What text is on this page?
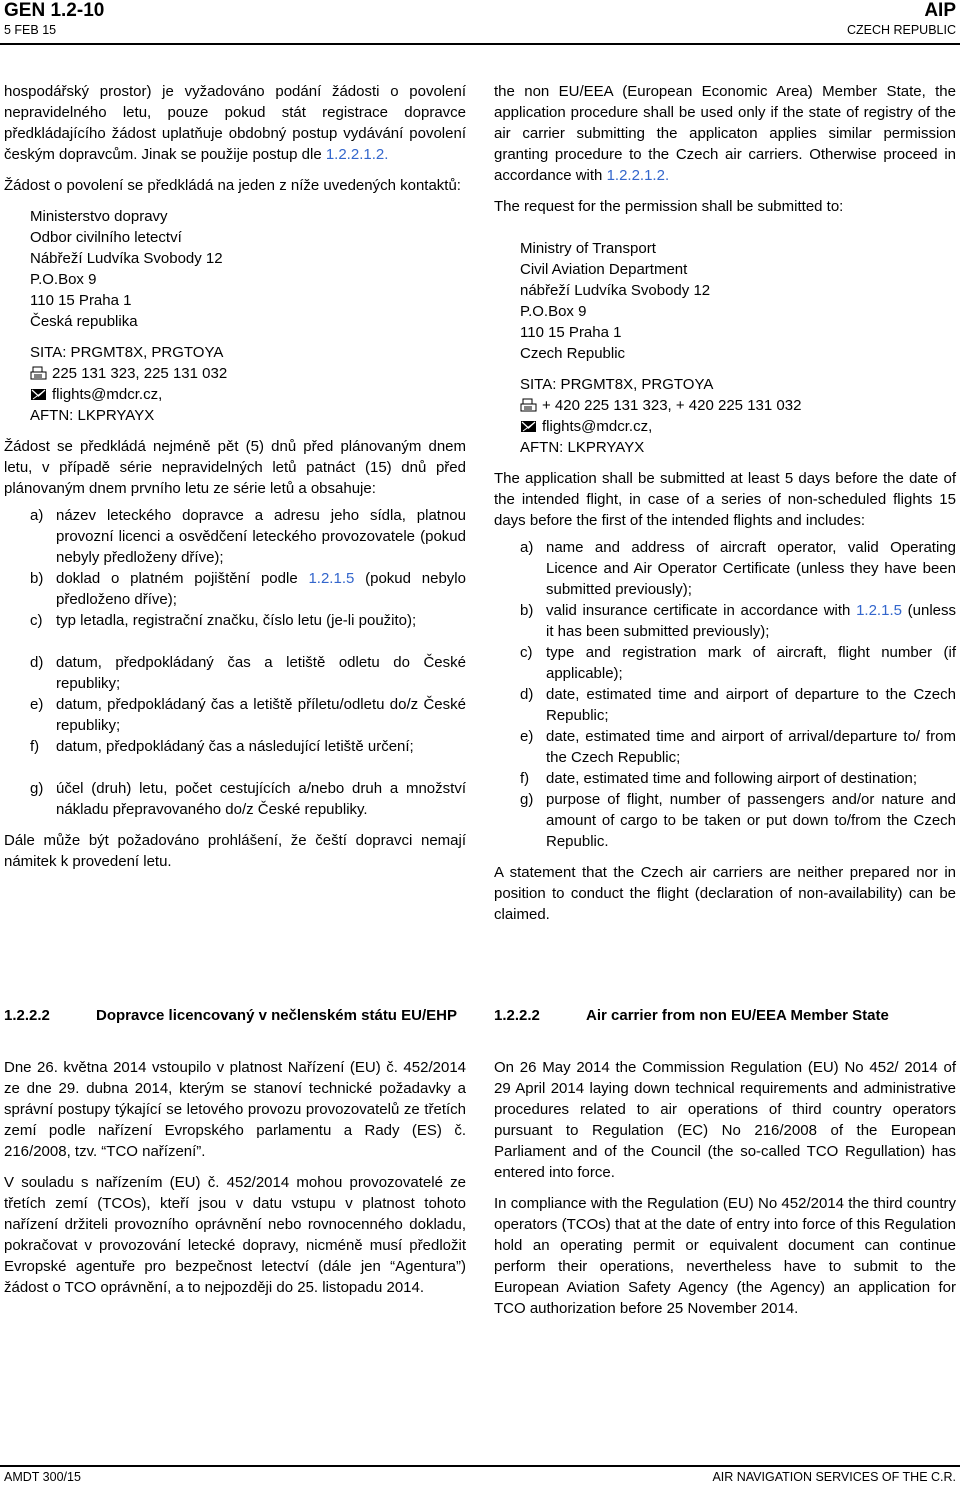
GEN 1.2-10
5 FEB 15
AIP
CZECH REPUBLIC

hospodářský prostor) je vyžadováno podání žádosti o povolení nepravidelného letu, pouze pokud stát registrace dopravce předkládajícího žádost uplatňuje obdobný postup vydávání povolení českým dopravcům. Jinak se použije postup dle 1.2.2.1.2.

Žádost o povolení se předkládá na jeden z níže uvedených kontaktů:

Ministerstvo dopravy
Odbor civilního letectví
Nábřeží Ludvíka Svobody 12
P.O.Box 9
110 15 Praha 1
Česká republika
SITA: PRGMT8X, PRGTOYA
225 131 323, 225 131 032
flights@mdcr.cz,
AFTN: LKPRYAYX

Žádost se předkládá nejméně pět (5) dnů před plánovaným dnem letu, v případě série nepravidelných letů patnáct (15) dnů před plánovaným dnem prvního letu ze série letů a obsahuje:

a) název leteckého dopravce a adresu jeho sídla, platnou provozní licenci a osvědčení leteckého provozovatele (pokud nebyly předloženy dříve);
b) doklad o platném pojištění podle 1.2.1.5 (pokud nebylo předloženo dříve);
c) typ letadla, registrační značku, číslo letu (je-li použito);
d) datum, předpokládaný čas a letiště odletu do České republiky;
e) datum, předpokládaný čas a letiště příletu/odletu do/z České republiky;
f) datum, předpokládaný čas a následující letiště určení;
g) účel (druh) letu, počet cestujících a/nebo druh a množství nákladu přepravovaného do/z České republiky.

Dále může být požadováno prohlášení, že čeští dopravci nemají námitek k provedení letu.

1.2.2.2	Dopravce licencovaný v nečlenském státu EU/EHP

Dne 26. května 2014 vstoupilo v platnost Nařízení (EU) č. 452/2014 ze dne 29. dubna 2014, kterým se stanoví technické požadavky a správní postupy týkající se letového provozu provozovatelů ze třetích zemí podle nařízení Evropského parlamentu a Rady (ES) č. 216/2008, tzv. “TCO nařízení”.

V souladu s nařízením (EU) č. 452/2014 mohou provozovatelé ze třetích zemí (TCOs), kteří jsou v datu vstupu v platnost tohoto nařízení držiteli provozního oprávnění nebo rovnocenného dokladu, pokračovat v provozování letecké dopravy, nicméně musí předložit Evropské agentuře pro bezpečnost letectví (dále jen “Agentura”) žádost o TCO oprávnění, a to nejpozději do 25. listopadu 2014.

the non EU/EEA (European Economic Area) Member State, the application procedure shall be used only if the state of registry of the air carrier submitting the applicaton applies similar permission granting procedure to the Czech air carriers. Otherwise proceed in accordance with 1.2.2.1.2.

The request for the permission shall be submitted to:

Ministry of Transport
Civil Aviation Department
nábřeží Ludvíka Svobody 12
P.O.Box 9
110 15 Praha 1
Czech Republic
SITA: PRGMT8X, PRGTOYA
+ 420 225 131 323, + 420 225 131 032
flights@mdcr.cz,
AFTN: LKPRYAYX

The application shall be submitted at least 5 days before the date of the intended flight, in case of a series of non-scheduled flights 15 days before the first of the intended flights and includes:

a) name and address of aircraft operator, valid Operating Licence and Air Operator Certificate (unless they have been submitted previously);
b) valid insurance certificate in accordance with 1.2.1.5 (unless it has been submitted previously);
c) type and registration mark of aircraft, flight number (if applicable);
d) date, estimated time and airport of departure to the Czech Republic;
e) date, estimated time and airport of arrival/departure to/ from the Czech Republic;
f) date, estimated time and following airport of destination;
g) purpose of flight, number of passengers and/or nature and amount of cargo to be taken or put down to/from the Czech Republic.

A statement that the Czech air carriers are neither prepared nor in position to conduct the flight (declaration of non-availability) can be claimed.

1.2.2.2	Air carrier from non EU/EEA Member State

On 26 May 2014 the Commission Regulation (EU) No 452/ 2014 of 29 April 2014 laying down technical requirements and administrative procedures related to air operations of third country operators pursuant to Regulation (EC) No 216/2008 of the European Parliament and of the Council (the so-called TCO Regullation) has entered into force.

In compliance with the Regulation (EU) No 452/2014 the third country operators (TCOs) that at the date of entry into force of this Regulation hold an operating permit or equivalent document can continue perform their operations, nevertheless have to submit to the European Aviation Safety Agency (the Agency) an application for TCO authorization before 25 November 2014.

AMDT 300/15	AIR NAVIGATION SERVICES OF THE C.R.
